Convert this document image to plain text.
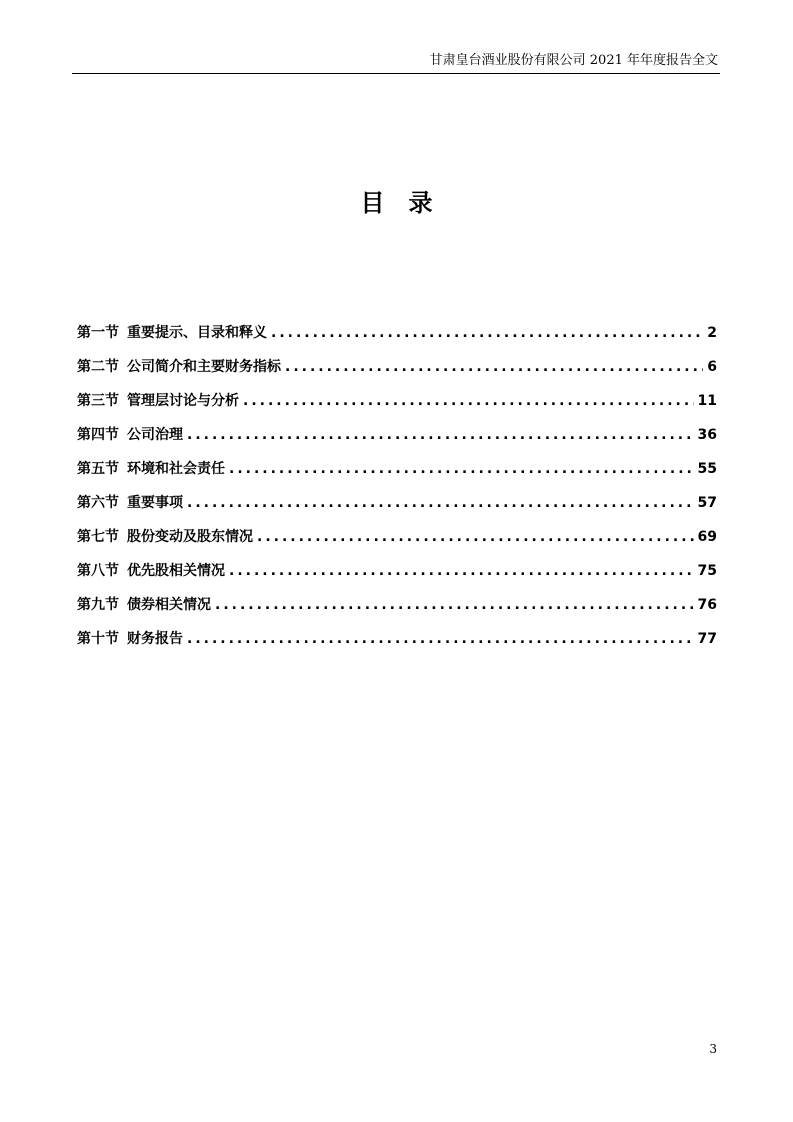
甘肃皇台酒业股份有限公司 2021 年年度报告全文
目录
第一节 重要提示、目录和释义 .....	2
第二节 公司简介和主要财务指标 .....	6
第三节 管理层讨论与分析 .....	11
第四节 公司治理 .....	36
第五节 环境和社会责任 .....	55
第六节 重要事项 .....	57
第七节 股份变动及股东情况 .....	69
第八节 优先股相关情况 .....	75
第九节 债券相关情况 .....	76
第十节 财务报告 .....	77
3
